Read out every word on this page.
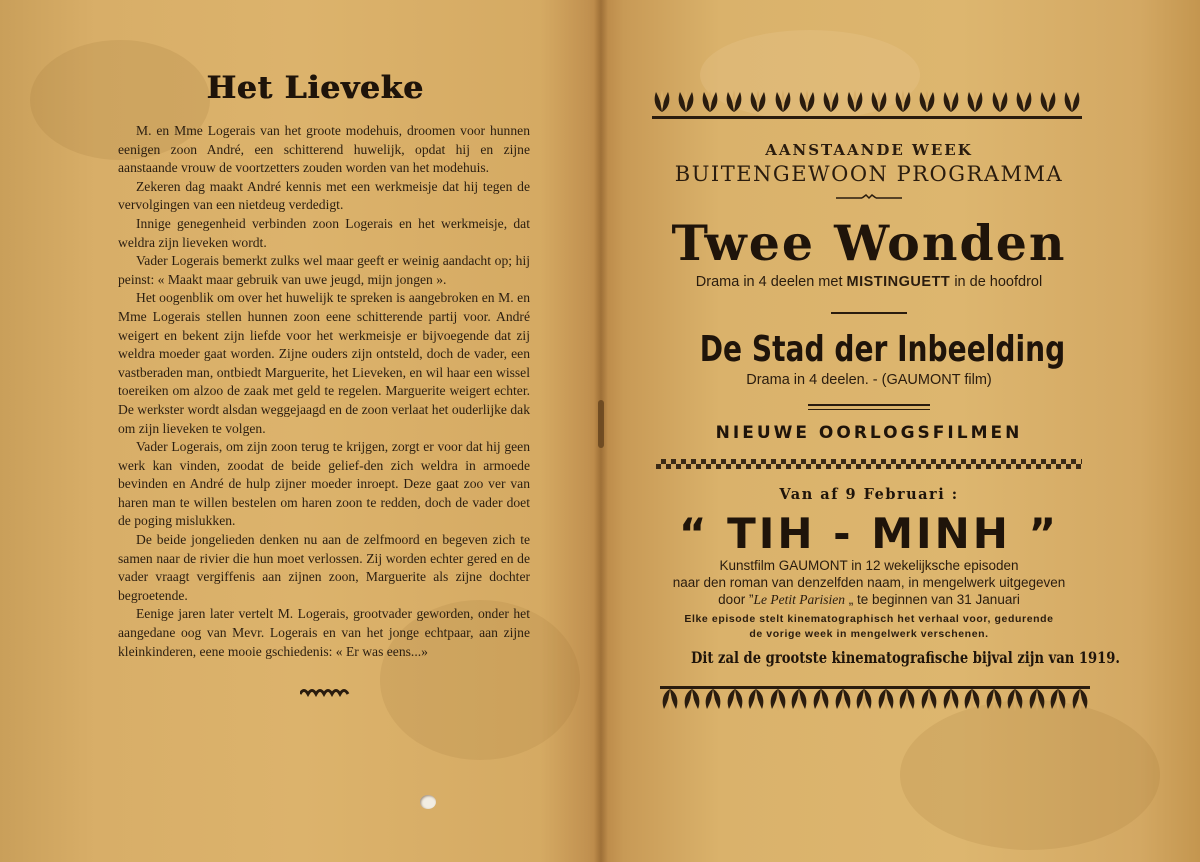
Het Lieveke

M. en Mme Logerais van het groote modehuis, droomen voor hunnen eenigen zoon André, een schitterend huwelijk, opdat hij en zijne aanstaande vrouw de voortzetters zouden worden van het modehuis.

Zekeren dag maakt André kennis met een werkmeisje dat hij tegen de vervolgingen van een nietdeug verdedigt.

Innige genegenheid verbinden zoon Logerais en het werkmeisje, dat weldra zijn lieveken wordt.

Vader Logerais bemerkt zulks wel maar geeft er weinig aandacht op; hij peinst: « Maakt maar gebruik van uwe jeugd, mijn jongen ».

Het oogenblik om over het huwelijk te spreken is aangebroken en M. en Mme Logerais stellen hunnen zoon eene schitterende partij voor. André weigert en bekent zijn liefde voor het werkmeisje er bijvoegende dat zij weldra moeder gaat worden. Zijne ouders zijn ontsteld, doch de vader, een vastberaden man, ontbiedt Marguerite, het Lieveken, en wil haar een wissel toereiken om alzoo de zaak met geld te regelen. Marguerite weigert echter. De werkster wordt alsdan weggejaagd en de zoon verlaat het ouderlijke dak om zijn lieveken te volgen.

Vader Logerais, om zijn zoon terug te krijgen, zorgt er voor dat hij geen werk kan vinden, zoodat de beide gelief-den zich weldra in armoede bevinden en André de hulp zijner moeder inroept. Deze gaat zoo ver van haren man te willen bestelen om haren zoon te redden, doch de vader doet de poging mislukken.

De beide jongelieden denken nu aan de zelfmoord en begeven zich te samen naar de rivier die hun moet verlossen. Zij worden echter gered en de vader vraagt vergiffenis aan zijnen zoon, Marguerite als zijne dochter begroetende.

Eenige jaren later vertelt M. Logerais, grootvader geworden, onder het aangedane oog van Mevr. Logerais en van het jonge echtpaar, aan zijne kleinkinderen, eene mooie gschiedenis: « Er was eens...»

AANSTAANDE WEEK
BUITENGEWOON PROGRAMMA
Twee Wonden
Drama in 4 deelen met MISTINGUETT in de hoofdrol
De Stad der Inbeelding
Drama in 4 deelen. - (GAUMONT film)
NIEUWE OORLOGSFILMEN
Van af 9 Februari :
“ TIH - MINH ”
Kunstfilm GAUMONT in 12 wekelijksche episoden
naar den roman van denzelfden naam, in mengelwerk uitgegeven
door ”Le Petit Parisien „ te beginnen van 31 Januari
Elke episode stelt kinematographisch het verhaal voor, gedurende
de vorige week in mengelwerk verschenen.
Dit zal de grootste kinematografische bijval zijn van 1919.
